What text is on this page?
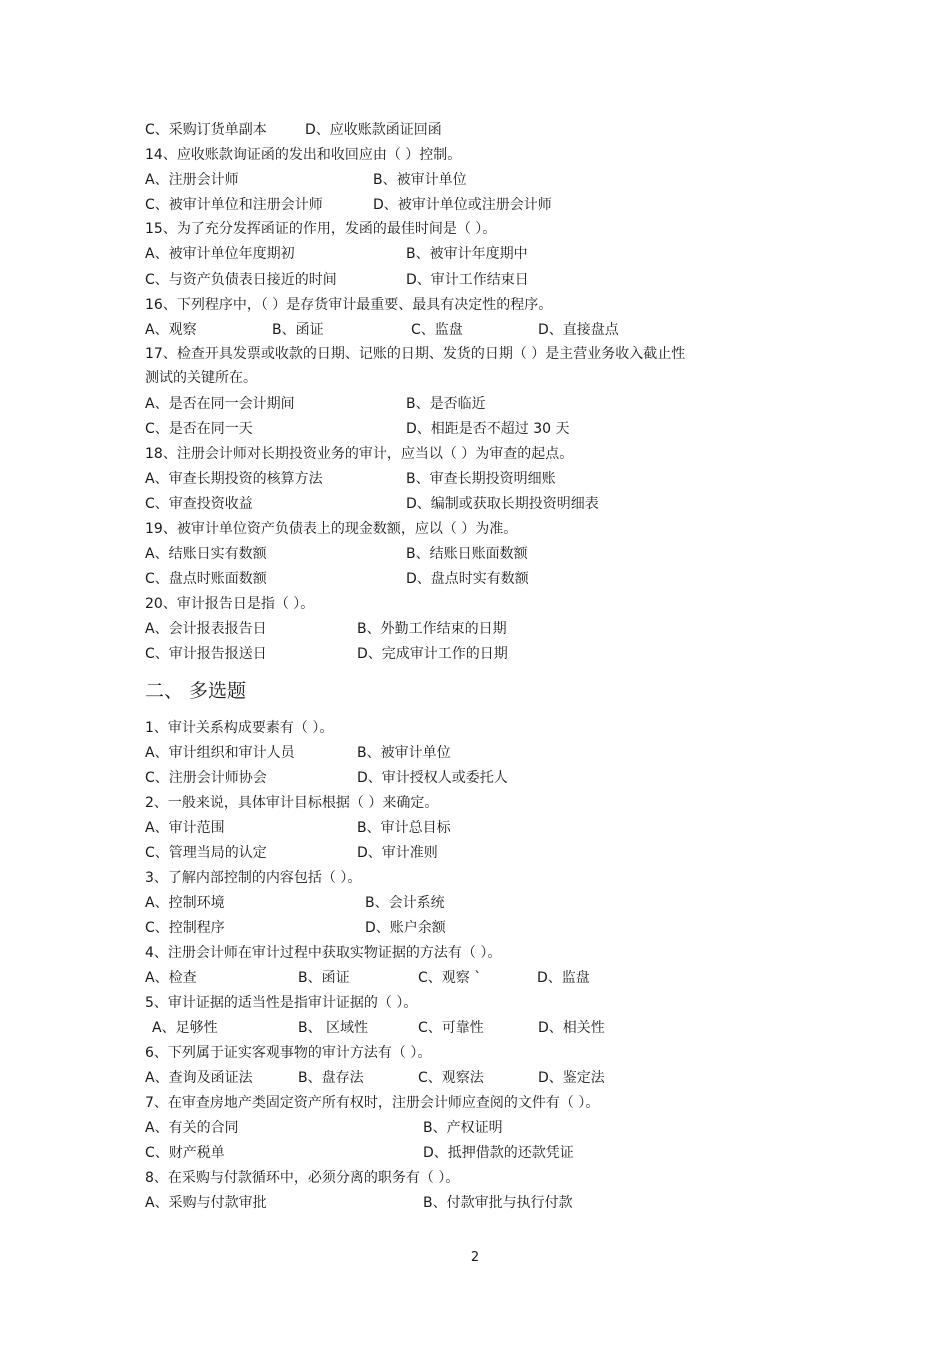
C、采购订货单副本	D、应收账款函证回函
14、应收账款询证函的发出和收回应由（ ）控制。
A、注册会计师	B、被审计单位
C、被审计单位和注册会计师	D、被审计单位或注册会计师
15、为了充分发挥函证的作用，发函的最佳时间是（ ）。
A、被审计单位年度期初	B、被审计年度期中
C、与资产负债表日接近的时间	D、审计工作结束日
16、下列程序中，（ ）是存货审计最重要、最具有决定性的程序。
A、观察	B、函证	C、监盘	D、直接盘点
17、检查开具发票或收款的日期、记账的日期、发货的日期（ ）是主营业务收入截止性
测试的关键所在。
A、是否在同一会计期间	B、是否临近
C、是否在同一天	D、相距是否不超过 30 天
18、注册会计师对长期投资业务的审计，应当以（ ）为审查的起点。
A、审查长期投资的核算方法	B、审查长期投资明细账
C、审查投资收益	D、编制或获取长期投资明细表
19、被审计单位资产负债表上的现金数额，应以（ ）为准。
A、结账日实有数额	B、结账日账面数额
C、盘点时账面数额	D、盘点时实有数额
20、审计报告日是指（ ）。
A、会计报表报告日	B、外勤工作结束的日期
C、审计报告报送日	D、完成审计工作的日期
二、 多选题
1、审计关系构成要素有（ ）。
A、审计组织和审计人员	B、被审计单位
C、注册会计师协会	D、审计授权人或委托人
2、一般来说，具体审计目标根据（ ）来确定。
A、审计范围	B、审计总目标
C、管理当局的认定	D、审计准则
3、了解内部控制的内容包括（ ）。
A、控制环境	B、会计系统
C、控制程序	D、账户余额
4、注册会计师在审计过程中获取实物证据的方法有（ ）。
A、检查	B、函证	C、观察 `	D、监盘
5、审计证据的适当性是指审计证据的（ ）。
A、足够性	B、 区域性	C、可靠性	D、相关性
6、下列属于证实客观事物的审计方法有（ ）。
A、查询及函证法	B、盘存法	C、观察法	D、鉴定法
7、在审查房地产类固定资产所有权时，注册会计师应查阅的文件有（ ）。
A、有关的合同	B、产权证明
C、财产税单	D、抵押借款的还款凭证
8、在采购与付款循环中，必须分离的职务有（ ）。
A、采购与付款审批	B、付款审批与执行付款
2
